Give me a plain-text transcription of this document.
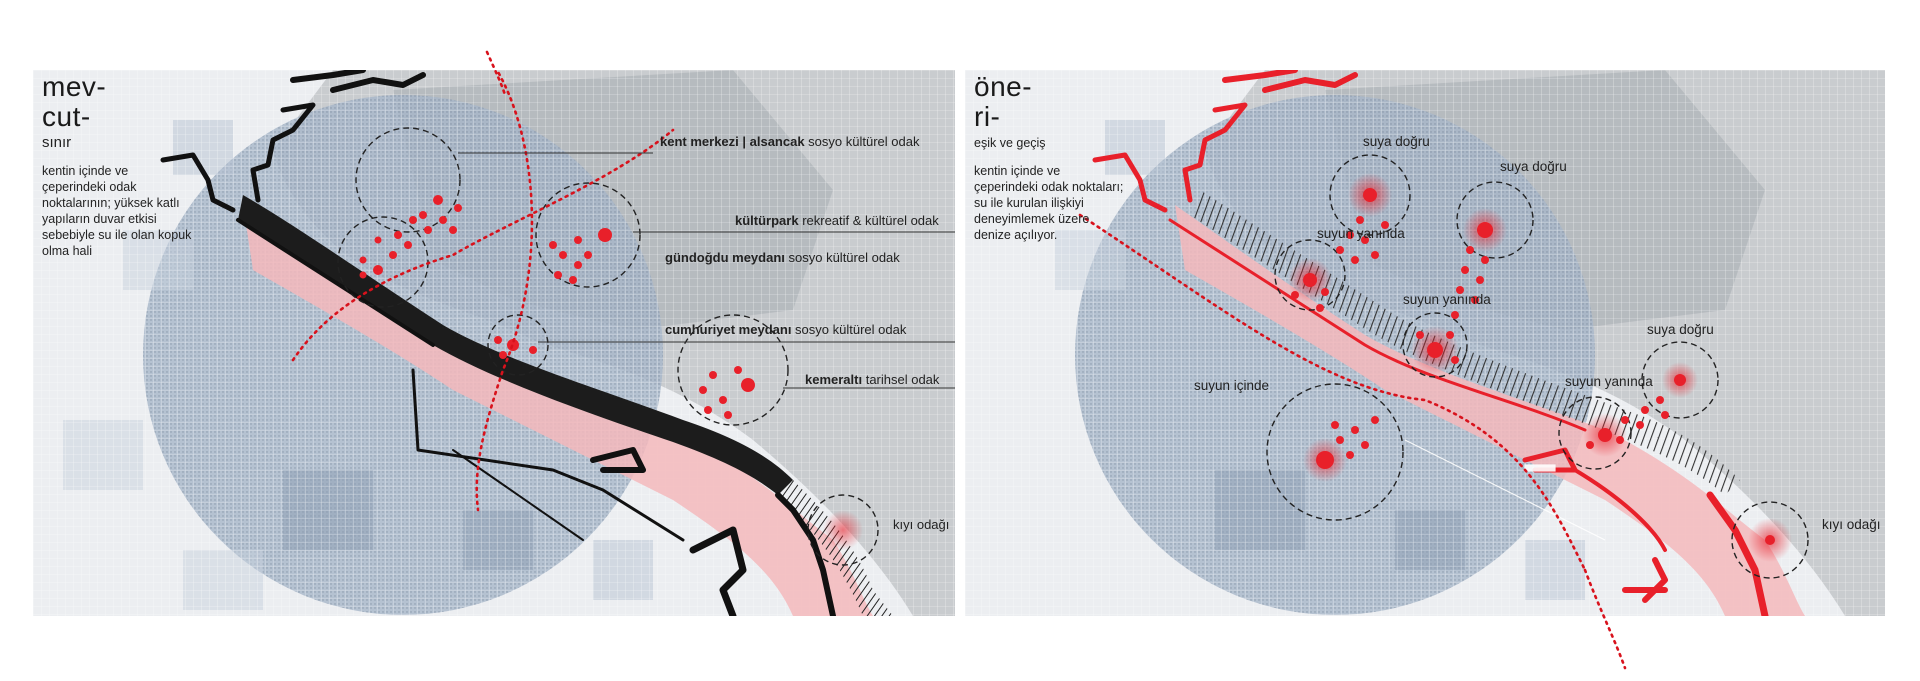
mev-
cut-
sınır
kentin içinde ve çeperindeki odak noktalarının; yüksek katlı yapıların duvar etkisi sebebiyle su ile olan kopuk olma hali
kent merkezi | alsancak sosyo kültürel odak
kültürpark rekreatif & kültürel odak
gündoğdu meydanı sosyo kültürel odak
cumhuriyet meydanı sosyo kültürel odak
kemeraltı tarihsel odak
kıyı odağı
öne-
ri-
eşik ve geçiş
kentin içinde ve çeperindeki odak noktaları; su ile kurulan ilişkiyi deneyimlemek üzere denize açılıyor.
suya doğru
suya doğru
suyun yanında
suyun yanında
suya doğru
suyun içinde	suyun yanında
kıyı odağı
